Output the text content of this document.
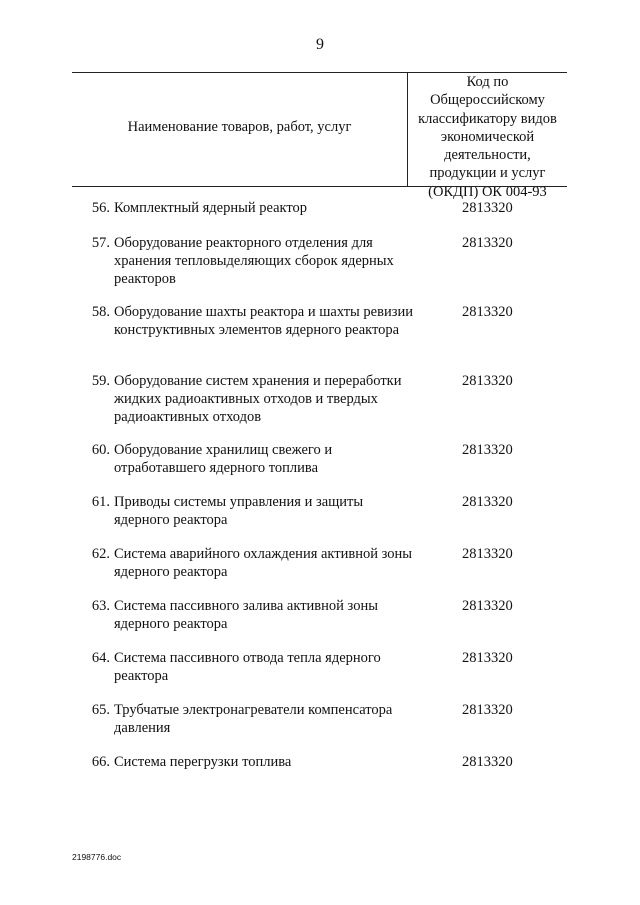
9
Наименование товаров, работ, услуг
Код по
Общероссийскому
классификатору видов
экономической
деятельности,
продукции и услуг
(ОКДП) ОК 004-93
56. Комплектный ядерный реактор	2813320
57. Оборудование реакторного отделения для хранения тепловыделяющих сборок ядерных реакторов
2813320
58. Оборудование шахты реактора и шахты ревизии конструктивных элементов ядерного реактора
2813320
59. Оборудование систем хранения и переработки жидких радиоактивных отходов и твердых радиоактивных отходов
2813320
60. Оборудование хранилищ свежего и отработавшего ядерного топлива
2813320
61. Приводы системы управления и защиты ядерного реактора
2813320
62. Система аварийного охлаждения активной зоны ядерного реактора
2813320
63. Система пассивного залива активной зоны ядерного реактора
2813320
64. Система пассивного отвода тепла ядерного реактора
2813320
65. Трубчатые электронагреватели компенсатора давления
2813320
66. Система перегрузки топлива	2813320
2198776.doc
